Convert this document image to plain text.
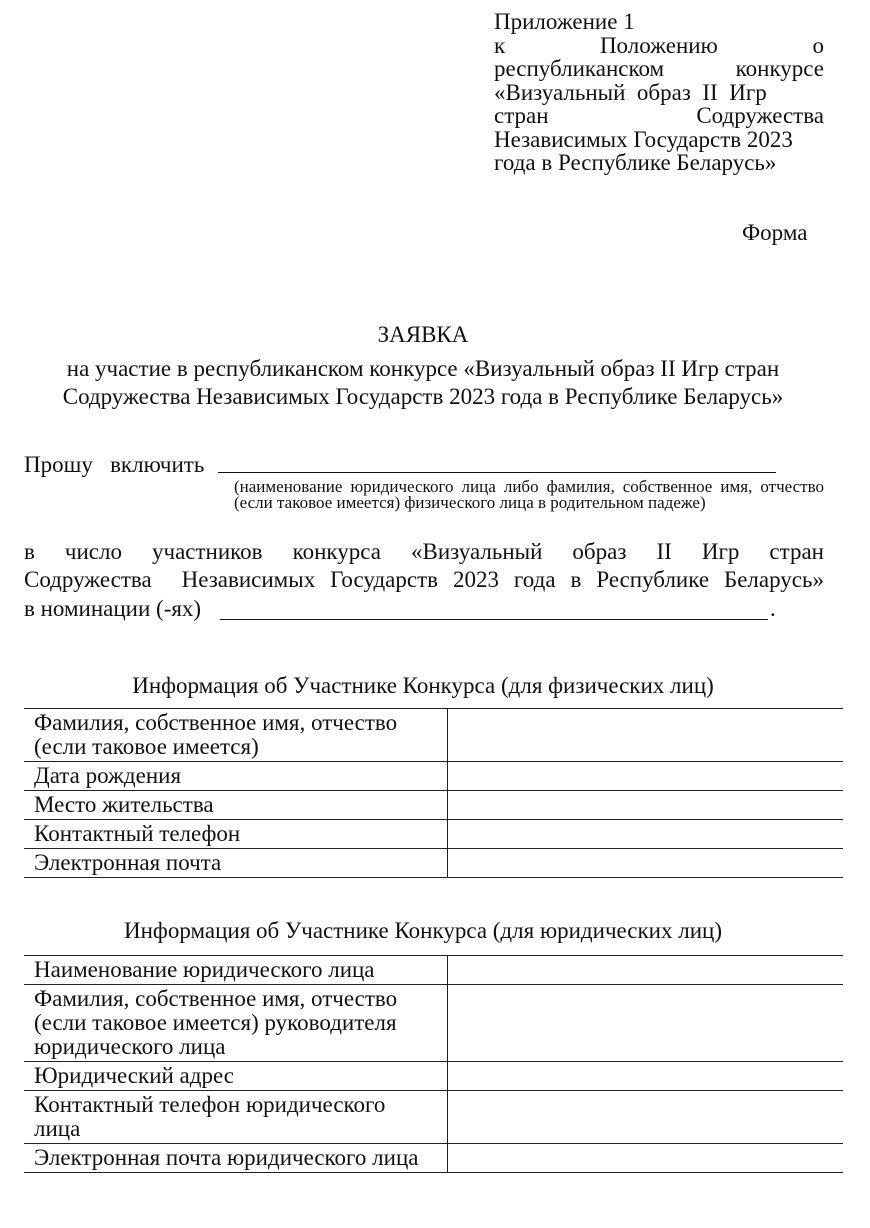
Приложение 1
к	Положению	о
республиканском	конкурсе
«Визуальный  образ  II  Игр
стран	Содружества
Независимых Государств 2023
года в Республике Беларусь»
Форма
ЗАЯВКА
на участие в республиканском конкурсе «Визуальный образ II Игр стран
Содружества Независимых Государств 2023 года в Республике Беларусь»
Прошу   включить
(наименование юридического лица либо фамилия, собственное имя, отчество (если таковое имеется) физического лица в родительном падеже)
в  число  участников  конкурса  «Визуальный  образ  II  Игр  стран
Содружества  Независимых Государств 2023 года в Республике Беларусь»
в номинации (-ях)	.
Информация об Участнике Конкурса (для физических лиц)
Фамилия, собственное имя, отчество (если таковое имеется)	
Дата рождения	
Место жительства	
Контактный телефон	
Электронная почта	
Информация об Участнике Конкурса (для юридических лиц)
Наименование юридического лица	
Фамилия, собственное имя, отчество (если таковое имеется) руководителя юридического лица	
Юридический адрес	
Контактный телефон юридического лица	
Электронная почта юридического лица	
